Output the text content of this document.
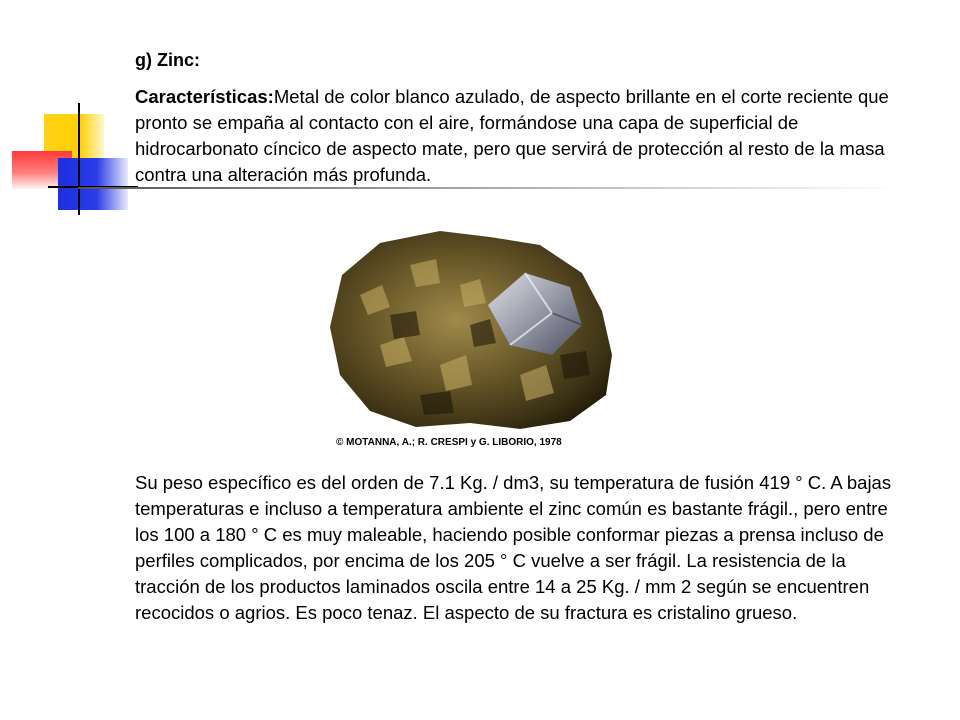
g) Zinc:

Características:Metal de color blanco azulado, de aspecto brillante en el corte reciente que pronto se empaña al contacto con el aire, formándose una capa de superficial de hidrocarbonato cíncico de aspecto mate, pero que servirá de protección al resto de la masa contra una alteración más profunda.

© MOTANNA, A.; R. CRESPI y G. LIBORIO, 1978

Su peso específico es del orden de 7.1 Kg. / dm3, su temperatura de fusión 419 ° C. A bajas temperaturas e incluso a temperatura ambiente el zinc común es bastante frágil., pero entre los 100 a 180 ° C es muy maleable, haciendo posible conformar piezas a prensa incluso de perfiles complicados, por encima de los 205 ° C vuelve a ser frágil. La resistencia de la tracción de los productos laminados oscila entre 14 a 25 Kg. / mm 2 según se encuentren recocidos o agrios. Es poco tenaz. El aspecto de su fractura es cristalino grueso.
